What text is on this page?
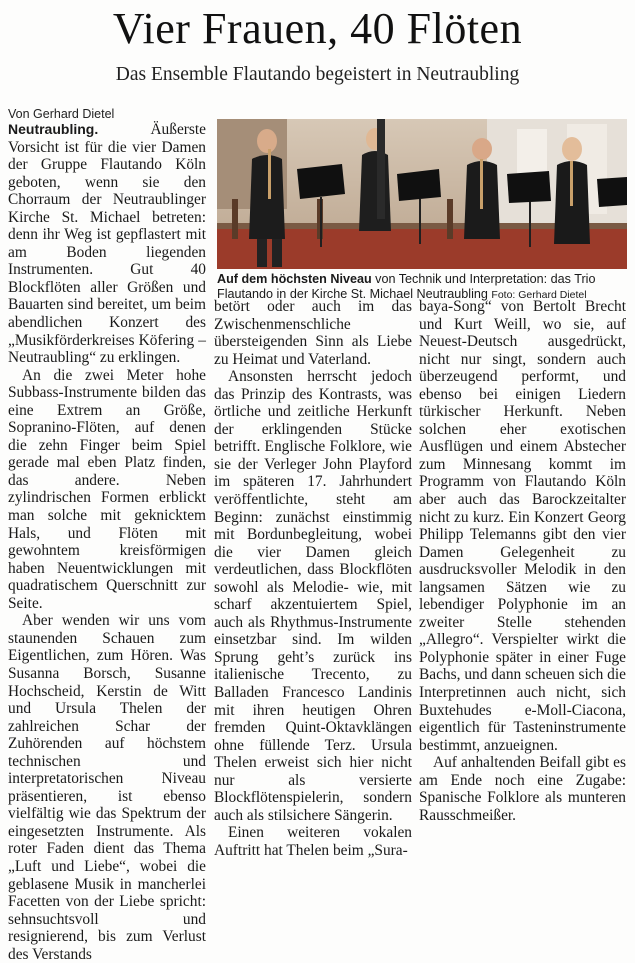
Vier Frauen, 40 Flöten
Das Ensemble Flautando begeistert in Neutraubling
Von Gerhard Dietel

Neutraubling.	Äußerste Vorsicht ist für die vier Damen der Gruppe Flautando Köln geboten, wenn sie den Chorraum der Neutraublinger Kirche St. Michael betreten: denn ihr Weg ist gepflastert mit am Boden liegenden Instrumenten. Gut 40 Blockflöten aller Größen und Bauarten sind bereitet, um beim abendlichen Konzert des „Musikförderkreises Köfering – Neutraubling“ zu erklingen.

An die zwei Meter hohe Subbass-Instrumente bilden das eine Extrem an Größe, Sopranino-Flöten, auf denen die zehn Finger beim Spiel gerade mal eben Platz finden, das andere. Neben zylindrischen Formen erblickt man solche mit geknicktem Hals, und Flöten mit gewohntem kreisförmigen haben Neuentwicklungen mit quadratischem Querschnitt zur Seite.

Aber wenden wir uns vom staunenden Schauen zum Eigentlichen, zum Hören. Was Susanna Borsch, Susanne Hochscheid, Kerstin de Witt und Ursula Thelen der zahlreichen Schar der Zuhörenden auf höchstem technischen und interpretatorischen Niveau präsentieren, ist ebenso vielfältig wie das Spektrum der eingesetzten Instrumente. Als roter Faden dient das Thema „Luft und Liebe“, wobei die geblasene Musik in mancherlei Facetten von der Liebe spricht: sehnsuchtsvoll und resignierend, bis zum Verlust des Verstands

Auf dem höchsten Niveau von Technik und Interpretation: das Trio Flautando in der Kirche St. Michael Neutraubling Foto: Gerhard Dietel

betört oder auch im das Zwischenmenschliche übersteigenden Sinn als Liebe zu Heimat und Vaterland.

Ansonsten herrscht jedoch das Prinzip des Kontrasts, was örtliche und zeitliche Herkunft der erklingenden Stücke betrifft. Englische Folklore, wie sie der Verleger John Playford im späteren 17. Jahrhundert veröffentlichte, steht am Beginn: zunächst einstimmig mit Bordunbegleitung, wobei die vier Damen gleich verdeutlichen, dass Blockflöten sowohl als Melodie- wie, mit scharf akzentuiertem Spiel, auch als Rhythmus-Instrumente einsetzbar sind. Im wilden Sprung geht’s zurück ins italienische Trecento, zu Balladen Francesco Landinis mit ihren heutigen Ohren fremden Quint-Oktavklängen ohne füllende Terz. Ursula Thelen erweist sich hier nicht nur als versierte Blockflötenspielerin, sondern auch als stilsichere Sängerin.

Einen weiteren vokalen Auftritt hat Thelen beim „Sura-

baya-Song“ von Bertolt Brecht und Kurt Weill, wo sie, auf Neuest-Deutsch ausgedrückt, nicht nur singt, sondern auch überzeugend performt, und ebenso bei einigen Liedern türkischer Herkunft. Neben solchen eher exotischen Ausflügen und einem Abstecher zum Minnesang kommt im Programm von Flautando Köln aber auch das Barockzeitalter nicht zu kurz. Ein Konzert Georg Philipp Telemanns gibt den vier Damen Gelegenheit zu ausdrucksvoller Melodik in den langsamen Sätzen wie zu lebendiger Polyphonie im an zweiter Stelle stehenden „Allegro“. Verspielter wirkt die Polyphonie später in einer Fuge Bachs, und dann scheuen sich die Interpretinnen auch nicht, sich Buxtehudes e-Moll-Ciacona, eigentlich für Tasteninstrumente bestimmt, anzueignen.

Auf anhaltenden Beifall gibt es am Ende noch eine Zugabe: Spanische Folklore als munteren Rausschmeißer.
